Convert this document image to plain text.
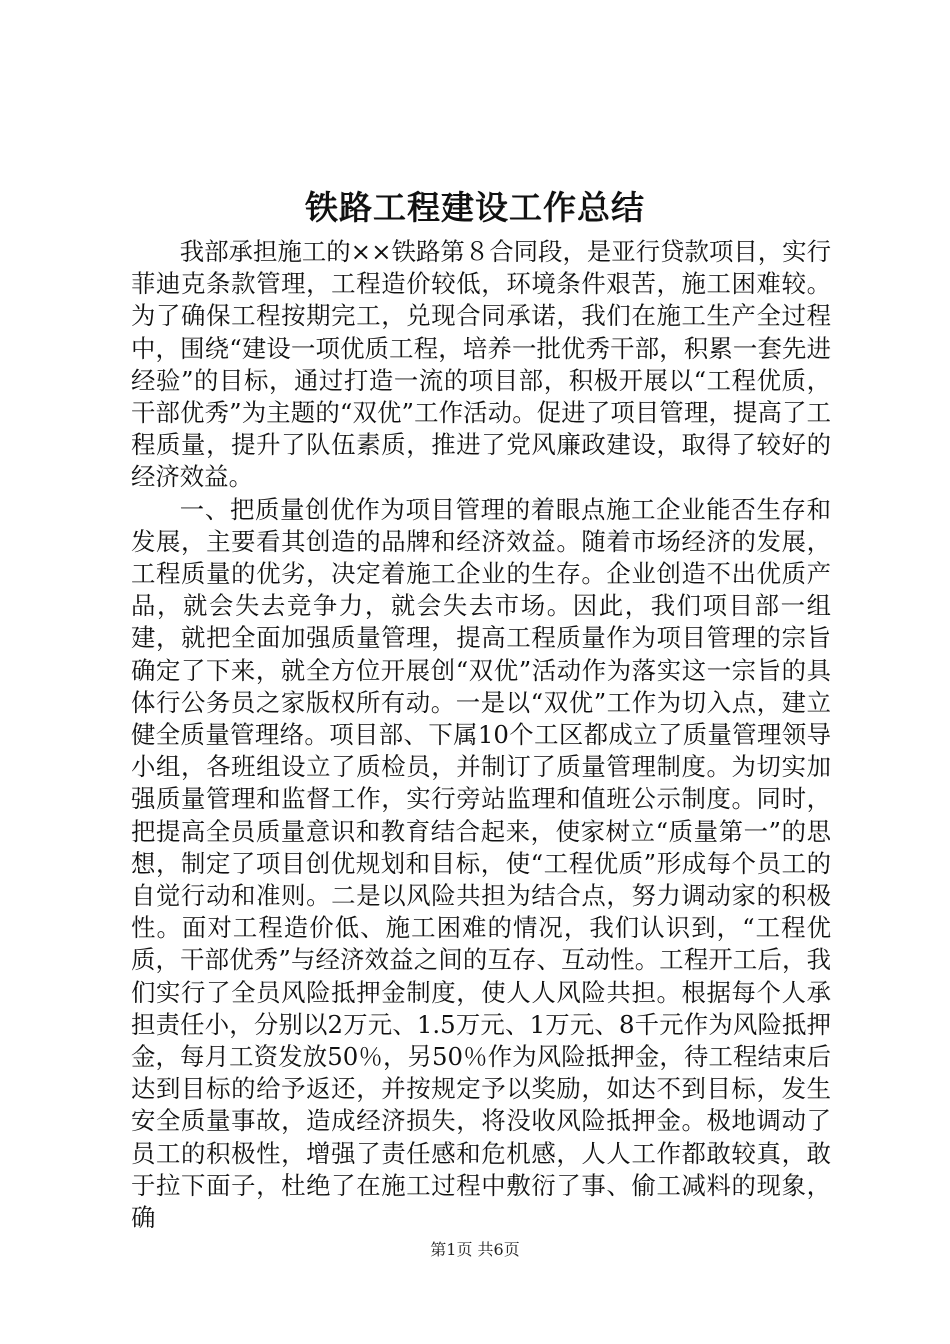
铁路工程建设工作总结

我部承担施工的××铁路第８合同段，是亚行贷款项目，实行菲迪克条款管理，工程造价较低，环境条件艰苦，施工困难较。为了确保工程按期完工，兑现合同承诺，我们在施工生产全过程中，围绕“建设一项优质工程，培养一批优秀干部，积累一套先进经验”的目标，通过打造一流的项目部，积极开展以“工程优质，干部优秀”为主题的“双优”工作活动。促进了项目管理，提高了工程质量，提升了队伍素质，推进了党风廉政建设，取得了较好的经济效益。

一、把质量创优作为项目管理的着眼点施工企业能否生存和发展，主要看其创造的品牌和经济效益。随着市场经济的发展，工程质量的优劣，决定着施工企业的生存。企业创造不出优质产品，就会失去竞争力，就会失去市场。因此，我们项目部一组建，就把全面加强质量管理，提高工程质量作为项目管理的宗旨确定了下来，就全方位开展创“双优”活动作为落实这一宗旨的具体行公务员之家版权所有动。一是以“双优”工作为切入点，建立健全质量管理络。项目部、下属10个工区都成立了质量管理领导小组，各班组设立了质检员，并制订了质量管理制度。为切实加强质量管理和监督工作，实行旁站监理和值班公示制度。同时，把提高全员质量意识和教育结合起来，使家树立“质量第一”的思想，制定了项目创优规划和目标，使“工程优质”形成每个员工的自觉行动和准则。二是以风险共担为结合点，努力调动家的积极性。面对工程造价低、施工困难的情况，我们认识到，“工程优质，干部优秀”与经济效益之间的互存、互动性。工程开工后，我们实行了全员风险抵押金制度，使人人风险共担。根据每个人承担责任小，分别以2万元、1.5万元、1万元、8千元作为风险抵押金，每月工资发放50％，另50％作为风险抵押金，待工程结束后达到目标的给予返还，并按规定予以奖励，如达不到目标，发生安全质量事故，造成经济损失，将没收风险抵押金。极地调动了员工的积极性，增强了责任感和危机感，人人工作都敢较真，敢于拉下面子，杜绝了在施工过程中敷衍了事、偷工减料的现象，确

第1页 共6页
